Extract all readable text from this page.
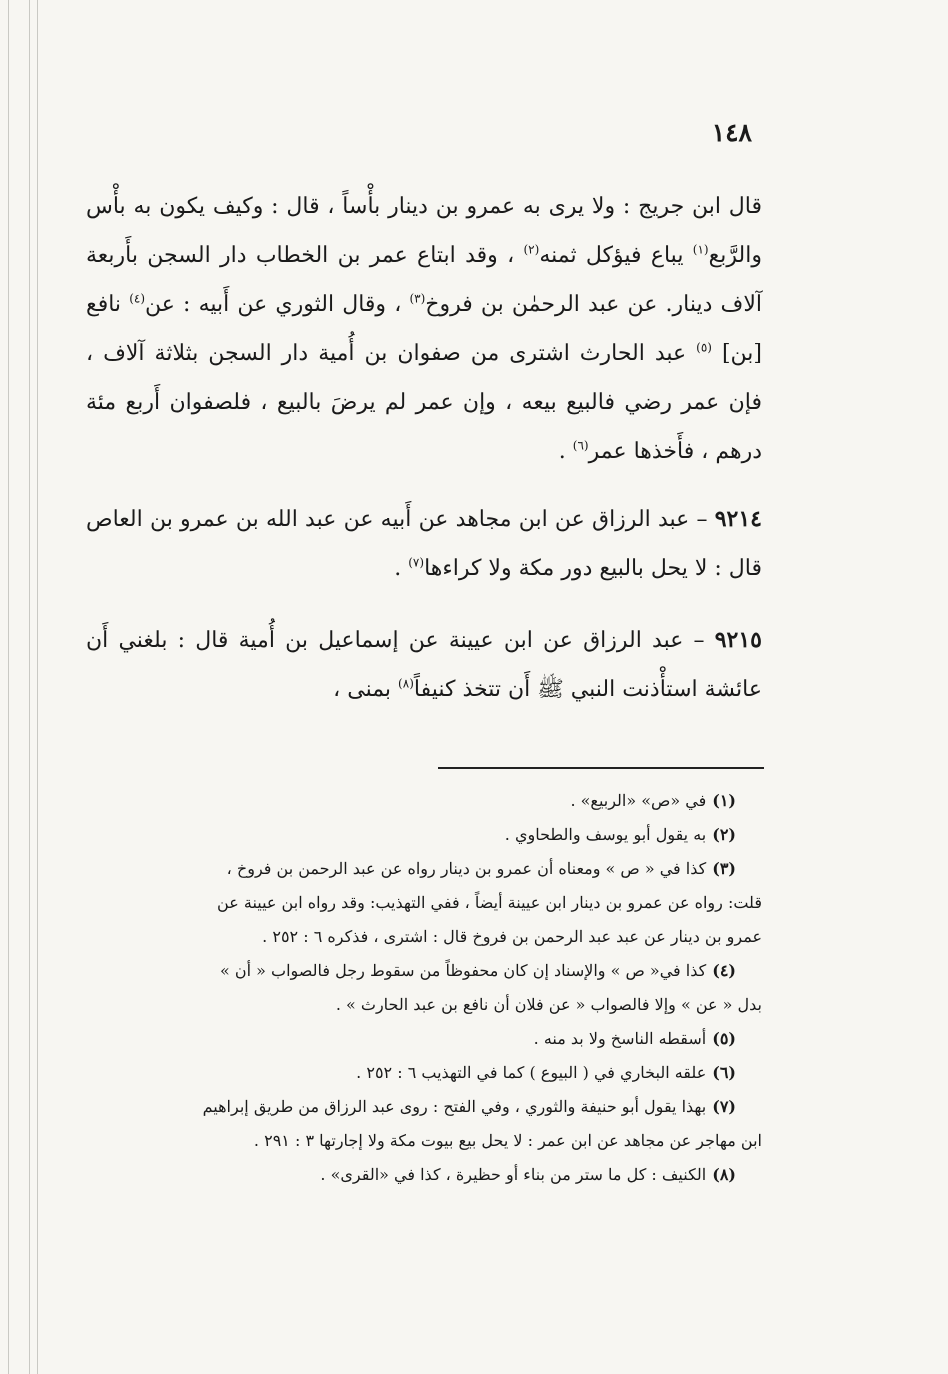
١٤٨

قال ابن جريج : ولا يرى به عمرو بن دينار بأْساً ، قال : وكيف يكون به بأْس والرَّبع$^{(١)}$ يباع فيؤكل ثمنه$^{(٢)}$ ، وقد ابتاع عمر بن الخطاب دار السجن بأَربعة آلاف دينار. عن عبد الرحمٰن بن فروخ$^{(٣)}$ ، وقال الثوري عن أَبيه : عن$^{(٤)}$ نافع [بن] $^{(٥)}$ عبد الحارث اشترى من صفوان بن أُمية دار السجن بثلاثة آلاف ، فإن عمر رضي فالبيع بيعه ، وإن عمر لم يرضَ بالبيع ، فلصفوان أَربع مئة درهم ، فأَخذها عمر$^{(٦)}$ .

٩٢١٤ – عبد الرزاق عن ابن مجاهد عن أَبيه عن عبد الله بن عمرو بن العاص قال : لا يحل بالبيع دور مكة ولا كراءها$^{(٧)}$ .

٩٢١٥ – عبد الرزاق عن ابن عيينة عن إسماعيل بن أُمية قال : بلغني أَن عائشة استأْذنت النبي ﷺ أَن تتخذ كنيفاً$^{(٨)}$ بمنى ،

(١)في «ص» «الربيع» .

(٢)به يقول أبو يوسف والطحاوي .

(٣)كذا في « ص » ومعناه أن عمرو بن دينار رواه عن عبد الرحمن بن فروخ ،

قلت: رواه عن عمرو بن دينار ابن عيينة أيضاً ، ففي التهذيب: وقد رواه ابن عيينة عن

عمرو بن دينار عن عبد عبد الرحمن بن فروخ قال : اشترى ، فذكره ٦ : ٢٥٢ .

(٤)كذا في« ص » والإسناد إن كان محفوظاً من سقوط رجل فالصواب « أن »

بدل « عن » وإلا فالصواب « عن فلان أن نافع بن عبد الحارث » .

(٥)أسقطه الناسخ ولا بد منه .

(٦)علقه البخاري في ( البيوع ) كما في التهذيب ٦ : ٢٥٢ .

(٧)بهذا يقول أبو حنيفة والثوري ، وفي الفتح : روى عبد الرزاق من طريق إبراهيم

ابن مهاجر عن مجاهد عن ابن عمر : لا يحل بيع بيوت مكة ولا إجارتها ٣ : ٢٩١ .

(٨)الكنيف : كل ما ستر من بناء أو حظيرة ، كذا في «القرى» .
